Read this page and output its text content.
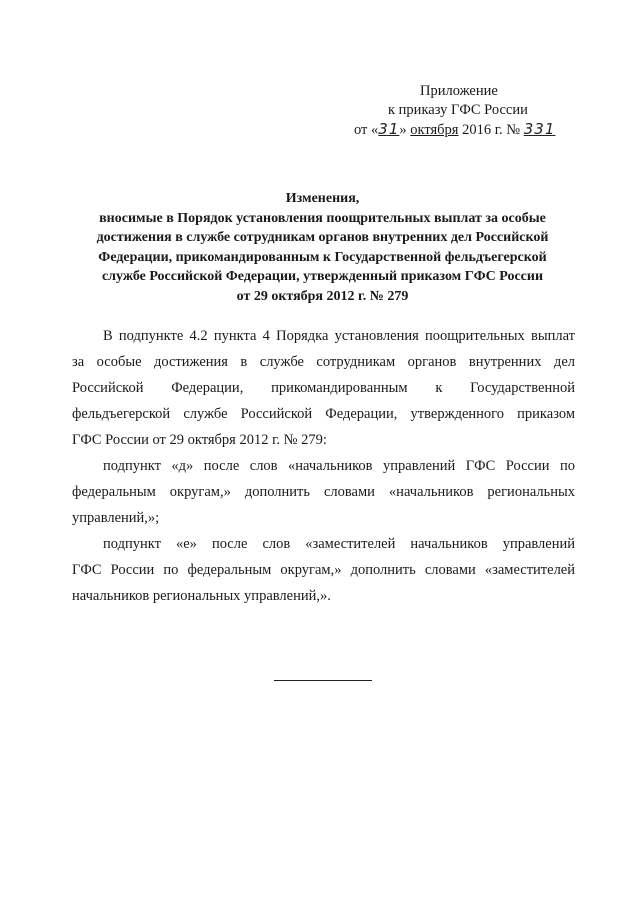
Приложение
к приказу ГФС России
от «31» октября 2016 г. № 331
Изменения,
вносимые в Порядок установления поощрительных выплат за особые
достижения в службе сотрудникам органов внутренних дел Российской
Федерации, прикомандированным к Государственной фельдъегерской
службе Российской Федерации, утвержденный приказом ГФС России
от 29 октября 2012 г. № 279
В подпункте 4.2 пункта 4 Порядка установления поощрительных выплат
за особые достижения в службе сотрудникам органов внутренних дел
Российской Федерации, прикомандированным к Государственной
фельдъегерской службе Российской Федерации, утвержденного приказом
ГФС России от 29 октября 2012 г. № 279:
подпункт «д» после слов «начальников управлений ГФС России по
федеральным округам,» дополнить словами «начальников региональных
управлений,»;
подпункт «е» после слов «заместителей начальников управлений
ГФС России по федеральным округам,» дополнить словами «заместителей
начальников региональных управлений,».
